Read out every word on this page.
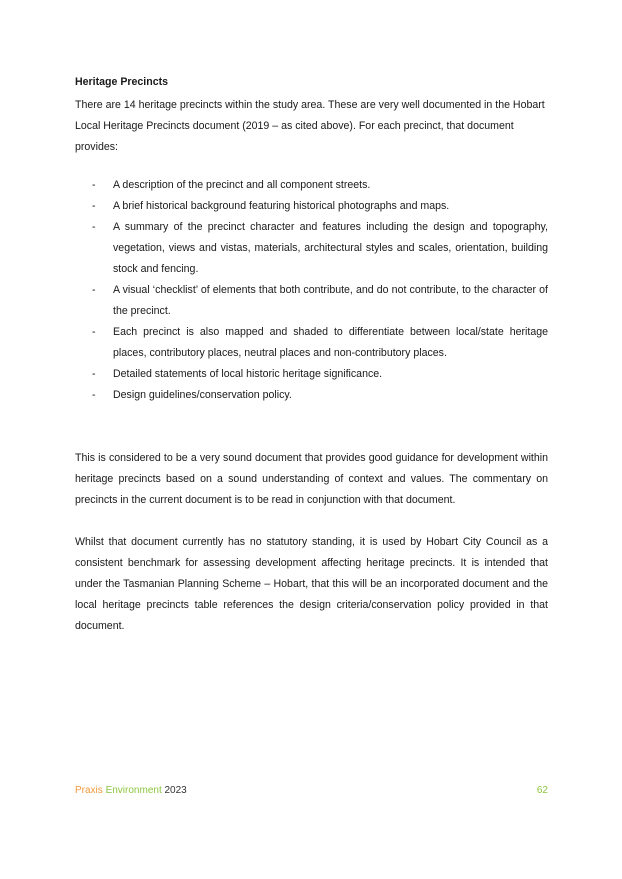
Heritage Precincts

There are 14 heritage precincts within the study area. These are very well documented in the Hobart Local Heritage Precincts document (2019 – as cited above). For each precinct, that document provides:

- A description of the precinct and all component streets.
- A brief historical background featuring historical photographs and maps.
- A summary of the precinct character and features including the design and topography, vegetation, views and vistas, materials, architectural styles and scales, orientation, building stock and fencing.
- A visual ‘checklist’ of elements that both contribute, and do not contribute, to the character of the precinct.
- Each precinct is also mapped and shaded to differentiate between local/state heritage places, contributory places, neutral places and non-contributory places.
- Detailed statements of local historic heritage significance.
- Design guidelines/conservation policy.

This is considered to be a very sound document that provides good guidance for development within heritage precincts based on a sound understanding of context and values. The commentary on precincts in the current document is to be read in conjunction with that document.

Whilst that document currently has no statutory standing, it is used by Hobart City Council as a consistent benchmark for assessing development affecting heritage precincts. It is intended that under the Tasmanian Planning Scheme – Hobart, that this will be an incorporated document and the local heritage precincts table references the design criteria/conservation policy provided in that document.

Praxis Environment 2023	62
